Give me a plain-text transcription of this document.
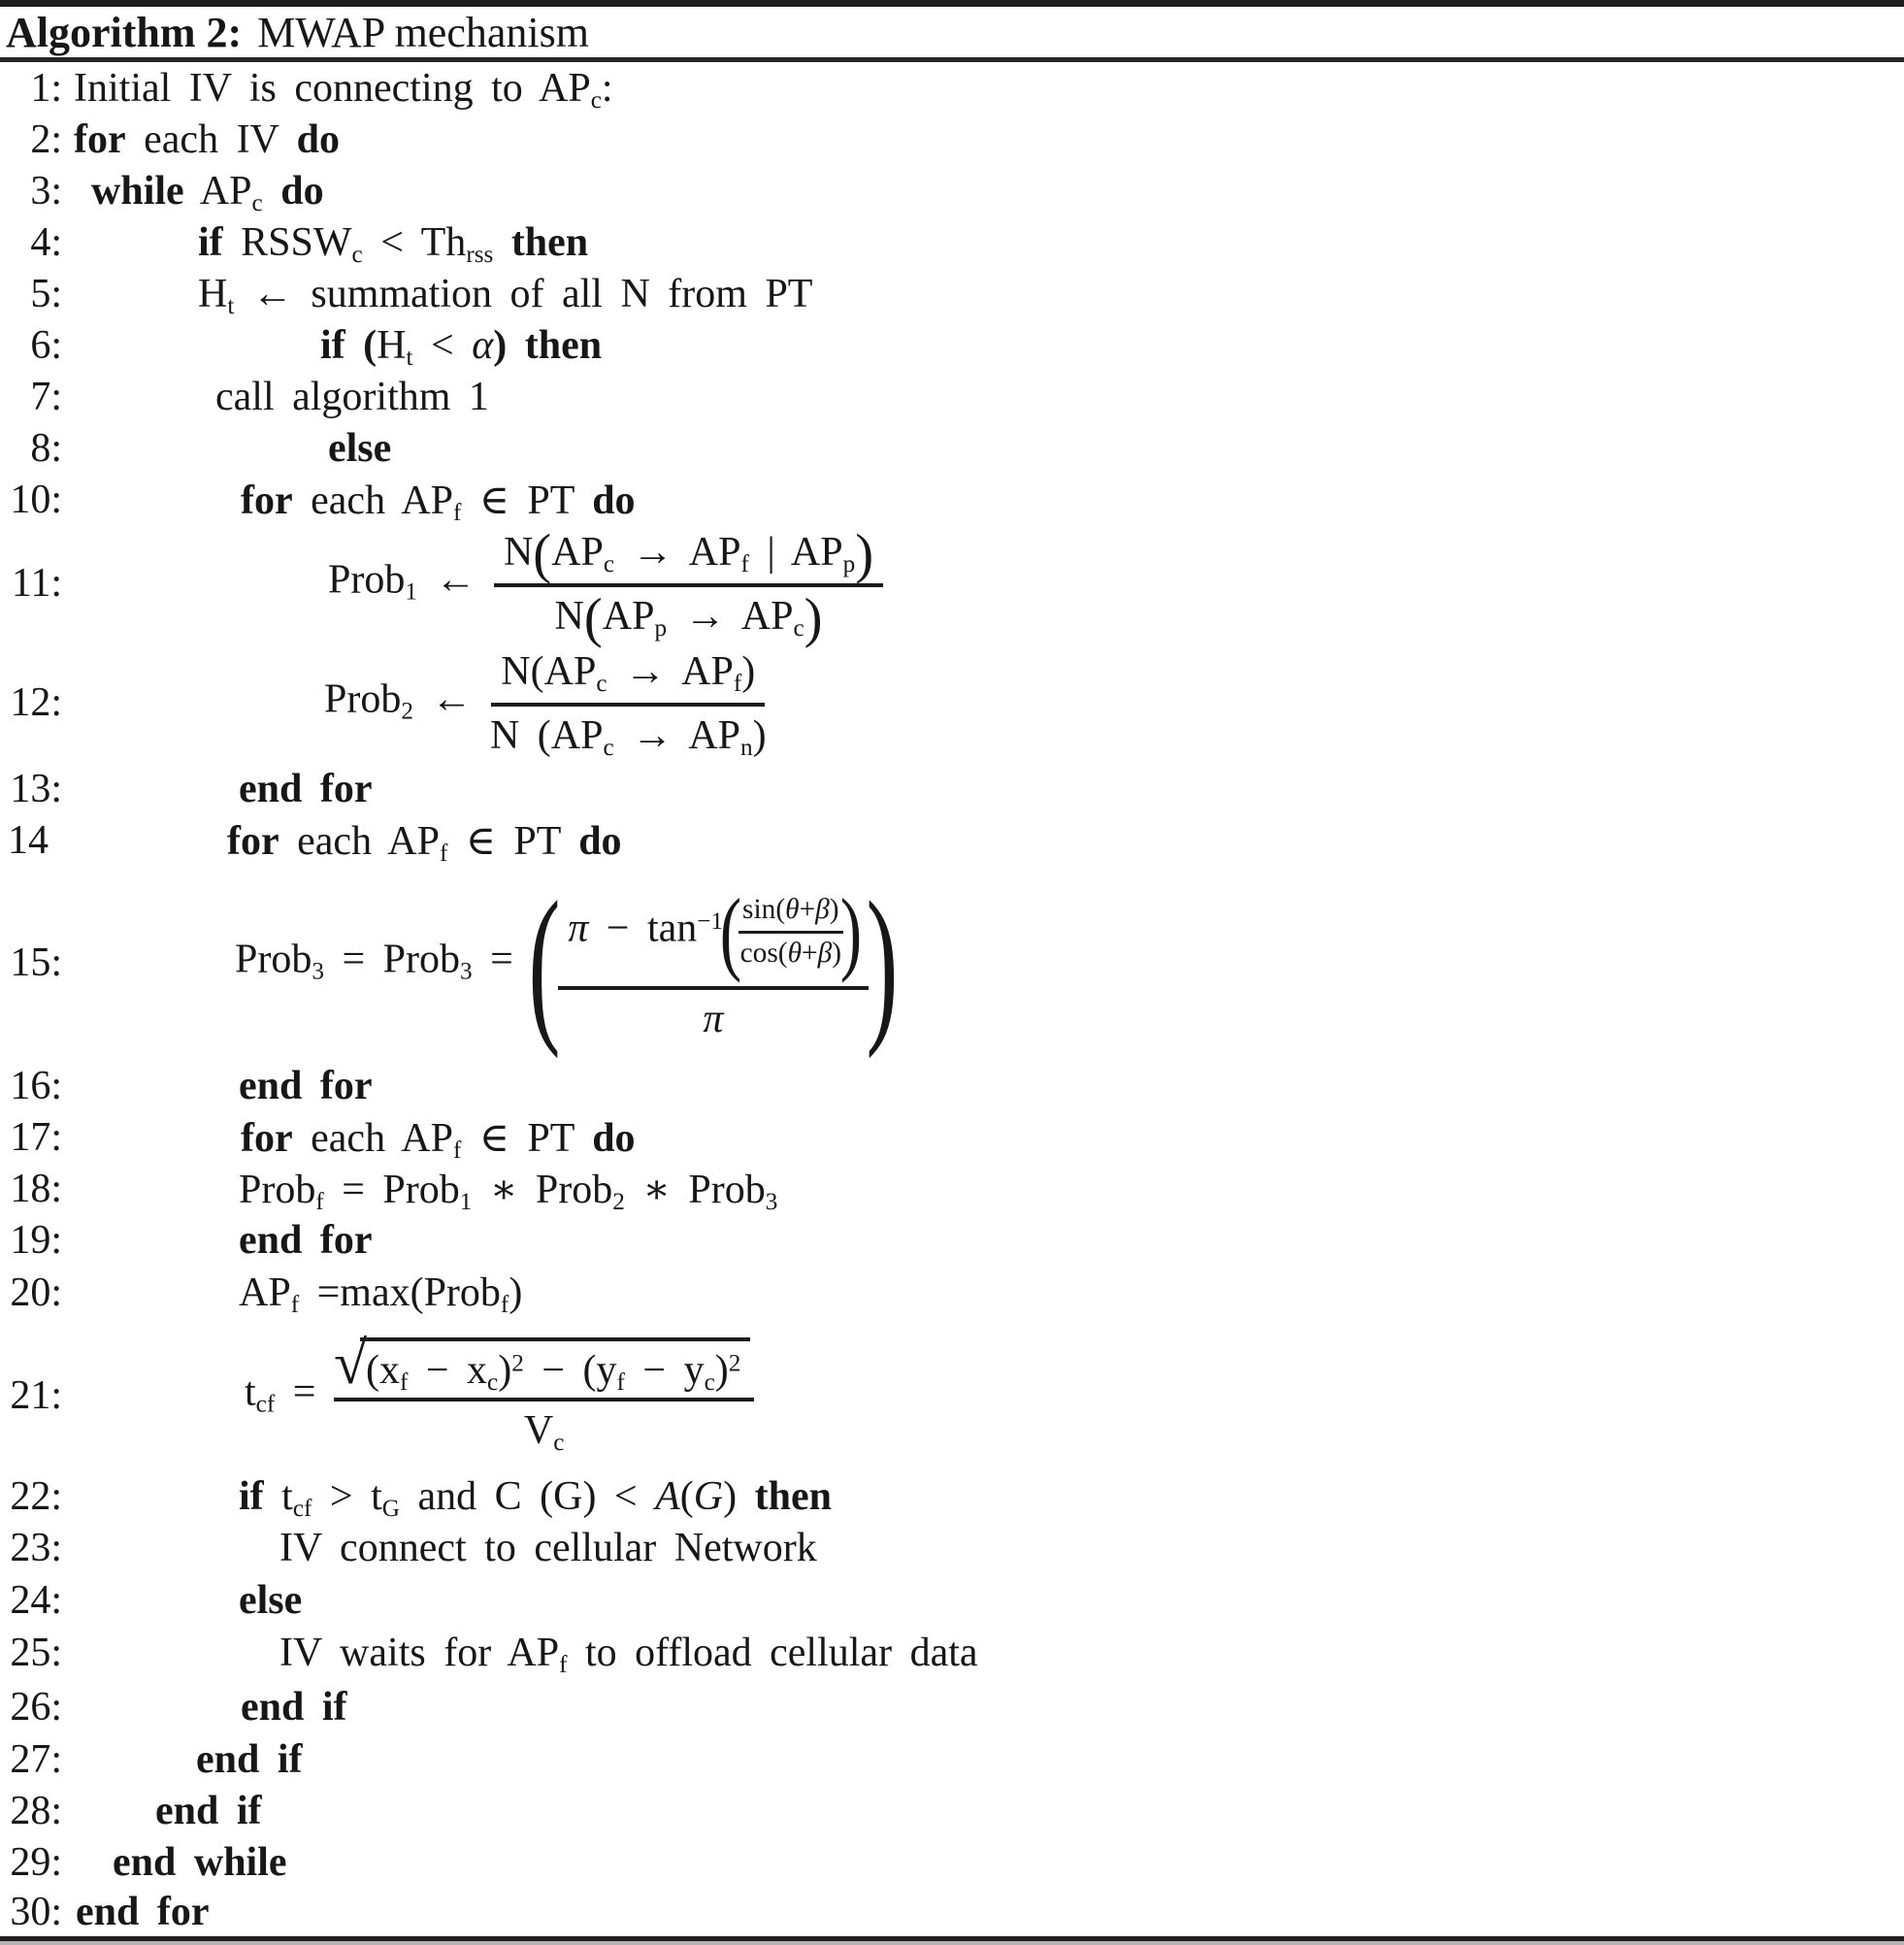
Algorithm 2: MWAP mechanism
1: Initial IV is connecting to $AP_c$:
2: for each IV do
3: while $AP_c$ do
4:	if $RSSW_c < Th_{rss}$ then
5:	$H_t$ ← summation of all N from PT
6:	if $(H_t < \alpha)$ then
7:	call algorithm 1
8:	else
10:	for each $AP_f$ ∈ PT do
11:	Prob$_1$ ← $\frac{N(AP_c \to AP_f | AP_p)}{N(AP_p \to AP_c)}$
12:	Prob$_2$ ← $\frac{N(AP_c \to AP_f)}{N (AP_c \to AP_n)}$
13:	end for
14	for each $AP_f$ ∈ PT do
15:	Prob$_3$ = Prob$_3$ =
(
$\pi - \tan^{-1}$
(
$\frac{\sin(\theta+\beta)}{\cos(\theta+\beta)}$
)
π
)
16:	end for
17:	for each $AP_f$ ∈ PT do
18:	Prob$_f$ = Prob$_1$ ∗ Prob$_2$ ∗ Prob$_3$
19:	end for
20:	$AP_f$ =max(Prob$_f$)
21:	$t_{cf} = \frac{√ (x_f - x_c)^2 - (y_f - y_c)^2}{V_c}$
22:	if $t_{cf} > t_G$ and C (G) < A(G) then
23:	IV connect to cellular Network
24:	else
25:	IV waits for $AP_f$ to offload cellular data
26:	end if
27:	end if
28: end if
29: end while
30: end for
